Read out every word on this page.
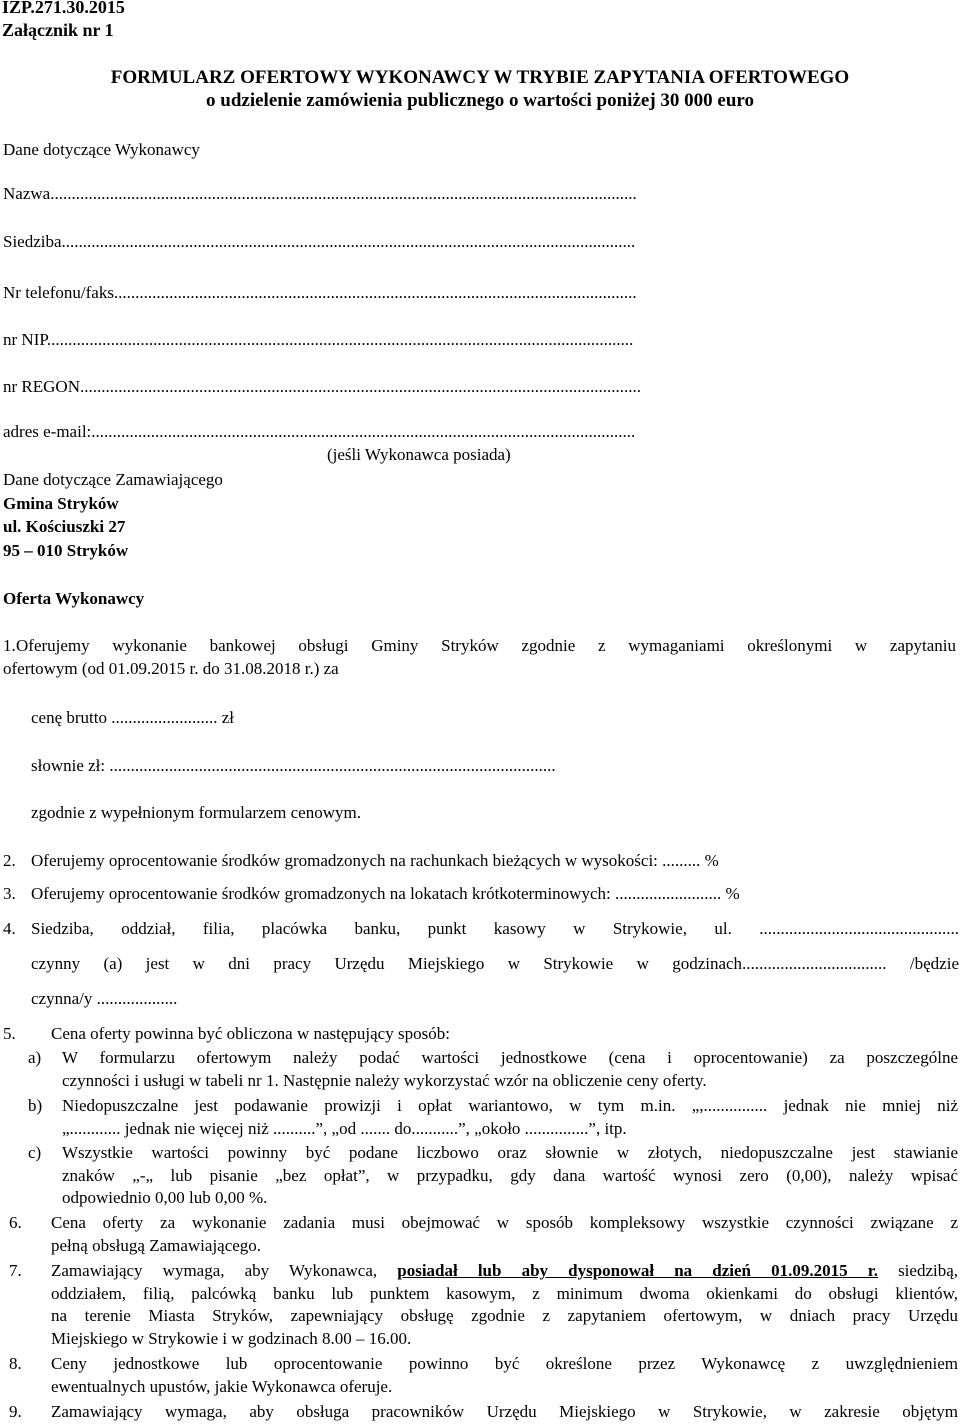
IZP.271.30.2015
Załącznik nr 1
FORMULARZ OFERTOWY WYKONAWCY W TRYBIE ZAPYTANIA OFERTOWEGO
o udzielenie zamówienia publicznego o wartości poniżej 30 000 euro
Dane dotyczące Wykonawcy
Nazwa..........................................................................................................................................
Siedziba.......................................................................................................................................
Nr telefonu/faks...........................................................................................................................
nr NIP..........................................................................................................................................
nr REGON....................................................................................................................................
adres e-mail:................................................................................................................................
(jeśli Wykonawca posiada)
Dane dotyczące Zamawiającego
Gmina Stryków
ul. Kościuszki 27
95 – 010 Stryków
Oferta Wykonawcy
1. Oferujemy wykonanie bankowej obsługi Gminy Stryków zgodnie z wymaganiami określonymi w zapytaniu
ofertowym (od 01.09.2015 r. do 31.08.2018 r.) za
cenę brutto ......................... zł
słownie zł: .........................................................................................................
zgodnie z wypełnionym formularzem cenowym.
2. Oferujemy oprocentowanie środków gromadzonych na rachunkach bieżących w wysokości: ......... %
3. Oferujemy oprocentowanie środków gromadzonych na lokatach krótkoterminowych: ......................... %
4. Siedziba, oddział, filia, placówka banku, punkt kasowy w Strykowie, ul. ...............................................
czynny (a) jest w dni pracy Urzędu Miejskiego w Strykowie w godzinach.................................. /będzie
czynna/y ...................
5. Cena oferty powinna być obliczona w następujący sposób:
a) W formularzu ofertowym należy podać wartości jednostkowe (cena i oprocentowanie) za poszczególne
czynności i usługi w tabeli nr 1. Następnie należy wykorzystać wzór na obliczenie ceny oferty.
b) Niedopuszczalne jest podawanie prowizji i opłat wariantowo, w tym m.in. „,............... jednak nie mniej niż
„............ jednak nie więcej niż ..........”, „od ....... do...........”, „około ...............”, itp.
c) Wszystkie wartości powinny być podane liczbowo oraz słownie w złotych, niedopuszczalne jest stawianie
znaków „-„ lub pisanie „bez opłat”, w przypadku, gdy dana wartość wynosi zero (0,00), należy wpisać
odpowiednio 0,00 lub 0,00 %.
6. Cena oferty za wykonanie zadania musi obejmować w sposób kompleksowy wszystkie czynności związane z
pełną obsługą Zamawiającego.
7. Zamawiający wymaga, aby Wykonawca, posiadał lub aby dysponował na dzień 01.09.2015 r. siedzibą,
oddziałem, filią, palcówką banku lub punktem kasowym, z minimum dwoma okienkami do obsługi klientów,
na terenie Miasta Stryków, zapewniający obsługę zgodnie z zapytaniem ofertowym, w dniach pracy Urzędu
Miejskiego w Strykowie i w godzinach 8.00 – 16.00.
8. Ceny jednostkowe lub oprocentowanie powinno być określone przez Wykonawcę z uwzględnieniem
ewentualnych upustów, jakie Wykonawca oferuje.
9. Zamawiający wymaga, aby obsługa pracowników Urzędu Miejskiego w Strykowie, w zakresie objętym
